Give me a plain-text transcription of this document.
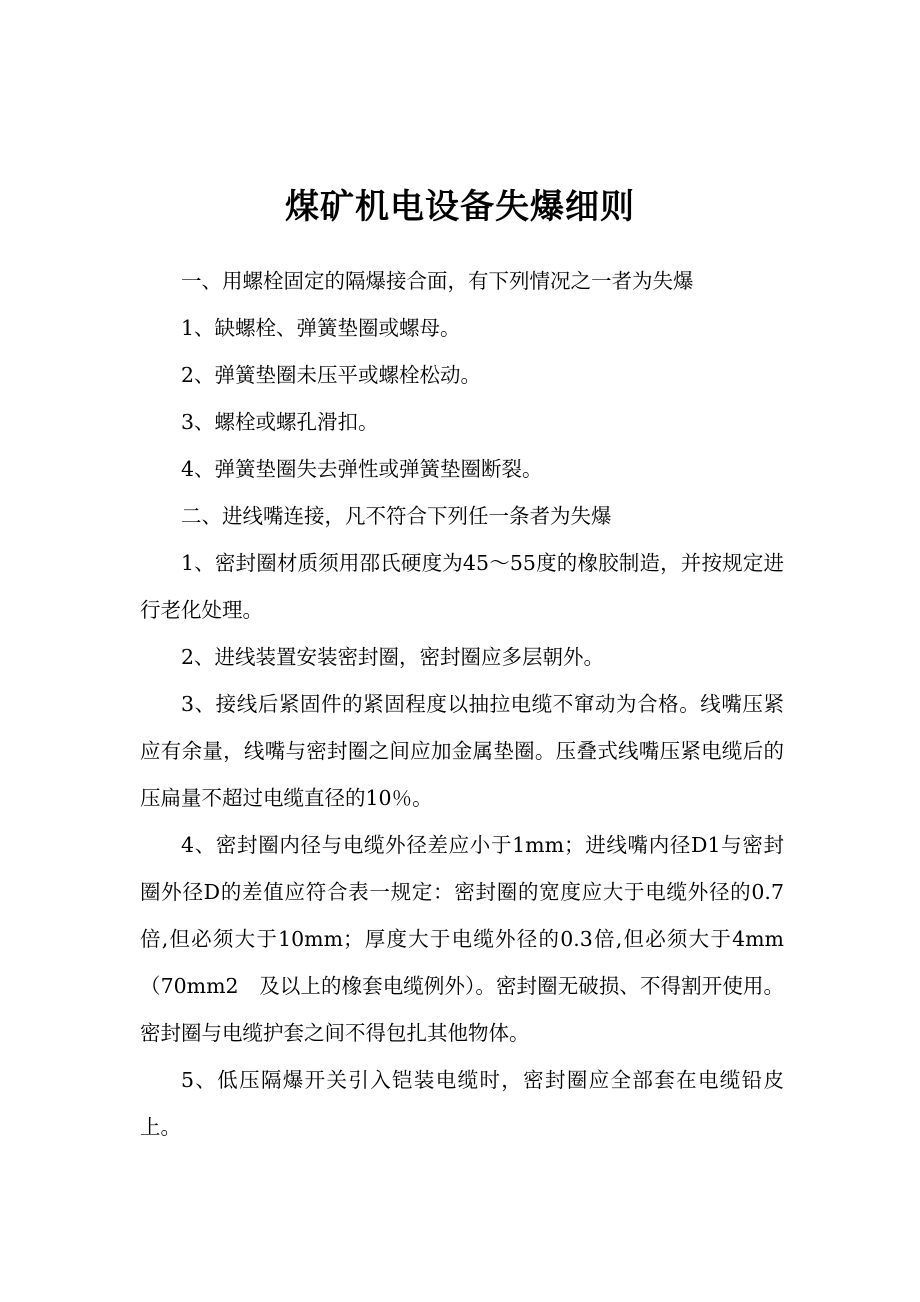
煤矿机电设备失爆细则

一、用螺栓固定的隔爆接合面，有下列情况之一者为失爆

1、缺螺栓、弹簧垫圈或螺母。

2、弹簧垫圈未压平或螺栓松动。

3、螺栓或螺孔滑扣。

4、弹簧垫圈失去弹性或弹簧垫圈断裂。

二、进线嘴连接，凡不符合下列任一条者为失爆

1、密封圈材质须用邵氏硬度为45～55度的橡胶制造，并按规定进行老化处理。

2、进线装置安装密封圈，密封圈应多层朝外。

3、接线后紧固件的紧固程度以抽拉电缆不窜动为合格。线嘴压紧应有余量，线嘴与密封圈之间应加金属垫圈。压叠式线嘴压紧电缆后的压扁量不超过电缆直径的10％。

4、密封圈内径与电缆外径差应小于1mm；进线嘴内径D1与密封圈外径D的差值应符合表一规定：密封圈的宽度应大于电缆外径的0.7倍,但必须大于10mm；厚度大于电缆外径的0.3倍,但必须大于4mm（70mm2　及以上的橡套电缆例外）。密封圈无破损、不得割开使用。密封圈与电缆护套之间不得包扎其他物体。

5、低压隔爆开关引入铠装电缆时，密封圈应全部套在电缆铅皮上。
